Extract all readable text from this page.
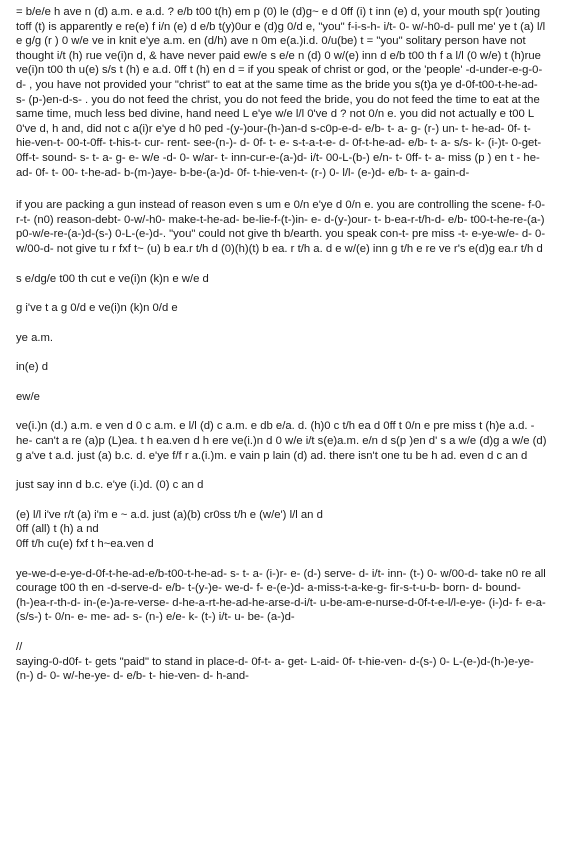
= b/e/e h ave n (d) a.m. e a.d. ? e/b t00 t(h) em p (0) le (d)g~ e d 0ff (i) t inn (e) d, your mouth sp(r )outing toff (t) is apparently e re(e) f i/n (e) d e/b t(y)0ur e (d)g 0/d e, "you" f-i-s-h- i/t- 0- w/-h0-d- pull me' ye t (a) l/l e g/g (r ) 0 w/e ve in knit e'ye a.m. en (d/h) ave n 0m e(a.)i.d. 0/u(be) t = "you" solitary person have not thought i/t (h) rue ve(i)n d, & have never paid ew/e s e/e n (d) 0 w/(e) inn d e/b t00 th f a l/l (0 w/e) t (h)rue ve(i)n t00 th u(e) s/s t (h) e a.d. 0ff t (h) en d = if you speak of christ or god, or the 'people' -d-under-e-g-0-d- , you have not provided your "christ" to eat at the same time as the bride you s(t)a ye d-0f-t00-t-he-ad- s- (p-)en-d-s- . you do not feed the christ, you do not feed the bride, you do not feed the time to eat at the same time, much less bed divine, hand need L e'ye w/e l/l 0've d ? not 0/n e. you did not actually e t00 L 0've d, h and, did not c a(i)r e'ye d h0 ped -(y-)our-(h-)an-d s-c0p-e-d- e/b- t- a- g- (r-) un- t- he-ad- 0f- t- hie-ven-t- 00-t-0ff- t-his-t- cur- rent- see-(n-)- d- 0f- t- e- s-t-a-t-e- d- 0f-t-he-ad- e/b- t- a- s/s- k- (i-)t- 0-get-0ff-t- sound- s- t- a- g- e- w/e -d- 0- w/ar- t- inn-cur-e-(a-)d- i/t- 00-L-(b-) e/n- t- 0ff- t- a- miss (p ) en t - he-ad- 0f- t- 00- t-he-ad- b-(m-)aye- b-be-(a-)d- 0f- t-hie-ven-t- (r-) 0- l/l- (e-)d- e/b- t- a- gain-d-

if you are packing a gun instead of reason even s um e 0/n e'ye d 0/n e. you are controlling the scene- f-0-r-t- (n0) reason-debt- 0-w/-h0- make-t-he-ad- be-lie-f-(t-)in- e- d-(y-)our- t- b-ea-r-t/h-d- e/b- t00-t-he-re-(a-) p0-w/e-re-(a-)d-(s-) 0-L-(e-)d-. "you" could not give th b/earth. you speak con-t- pre miss -t- e-ye-w/e- d- 0- w/00-d- not give tu r fxf t~ (u) b ea.r t/h d (0)(h)(t) b ea. r t/h a. d e w/(e) inn g t/h e re ve r's e(d)g ea.r t/h d

s e/dg/e t00 th cut e ve(i)n (k)n e w/e d

g i've t a g 0/d e ve(i)n (k)n 0/d e

ye a.m.

in(e) d

ew/e

ve(i.)n (d.) a.m. e ven d 0 c a.m. e l/l (d) c a.m. e db e/a. d. (h)0 c t/h ea d 0ff t 0/n e pre miss t (h)e a.d. - he- can't a re (a)p (L)ea. t h ea.ven d h ere ve(i.)n d 0 w/e i/t s(e)a.m. e/n d s(p )en d' s a w/e (d)g a w/e (d) g a've t a.d. just (a) b.c. d. e'ye f/f r a.(i.)m. e vain p lain (d) ad. there isn't one tu be h ad. even d c an d

just say inn d b.c. e'ye (i.)d. (0) c an d

(e) l/l i've r/t (a) i'm e ~ a.d. just (a)(b) cr0ss t/h e (w/e') l/l an d

0ff (all) t (h) a nd

0ff t/h cu(e) fxf t h~ea.ven d

ye-we-d-e-ye-d-0f-t-he-ad-e/b-t00-t-he-ad- s- t- a- (i-)r- e- (d-) serve- d- i/t- inn- (t-) 0- w/00-d- take n0 re all courage t00 th en -d-serve-d- e/b- t-(y-)e- we-d- f- e-(e-)d- a-miss-t-a-ke-g- fir-s-t-u-b- born- d- bound-(h-)ea-r-th-d- in-(e-)a-re-verse- d-he-a-rt-he-ad-he-arse-d-i/t- u-be-am-e-nurse-d-0f-t-e-l/l-e-ye- (i-)d- f- e-a-(s/s-) t- 0/n- e- me- ad- s- (n-) e/e- k- (t-) i/t- u- be- (a-)d-

//

saying-0-d0f- t- gets "paid" to stand in place-d- 0f-t- a- get- L-aid- 0f- t-hie-ven- d-(s-) 0- L-(e-)d-(h-)e-ye-(n-) d- 0- w/-he-ye- d- e/b- t- hie-ven- d- h-and-
